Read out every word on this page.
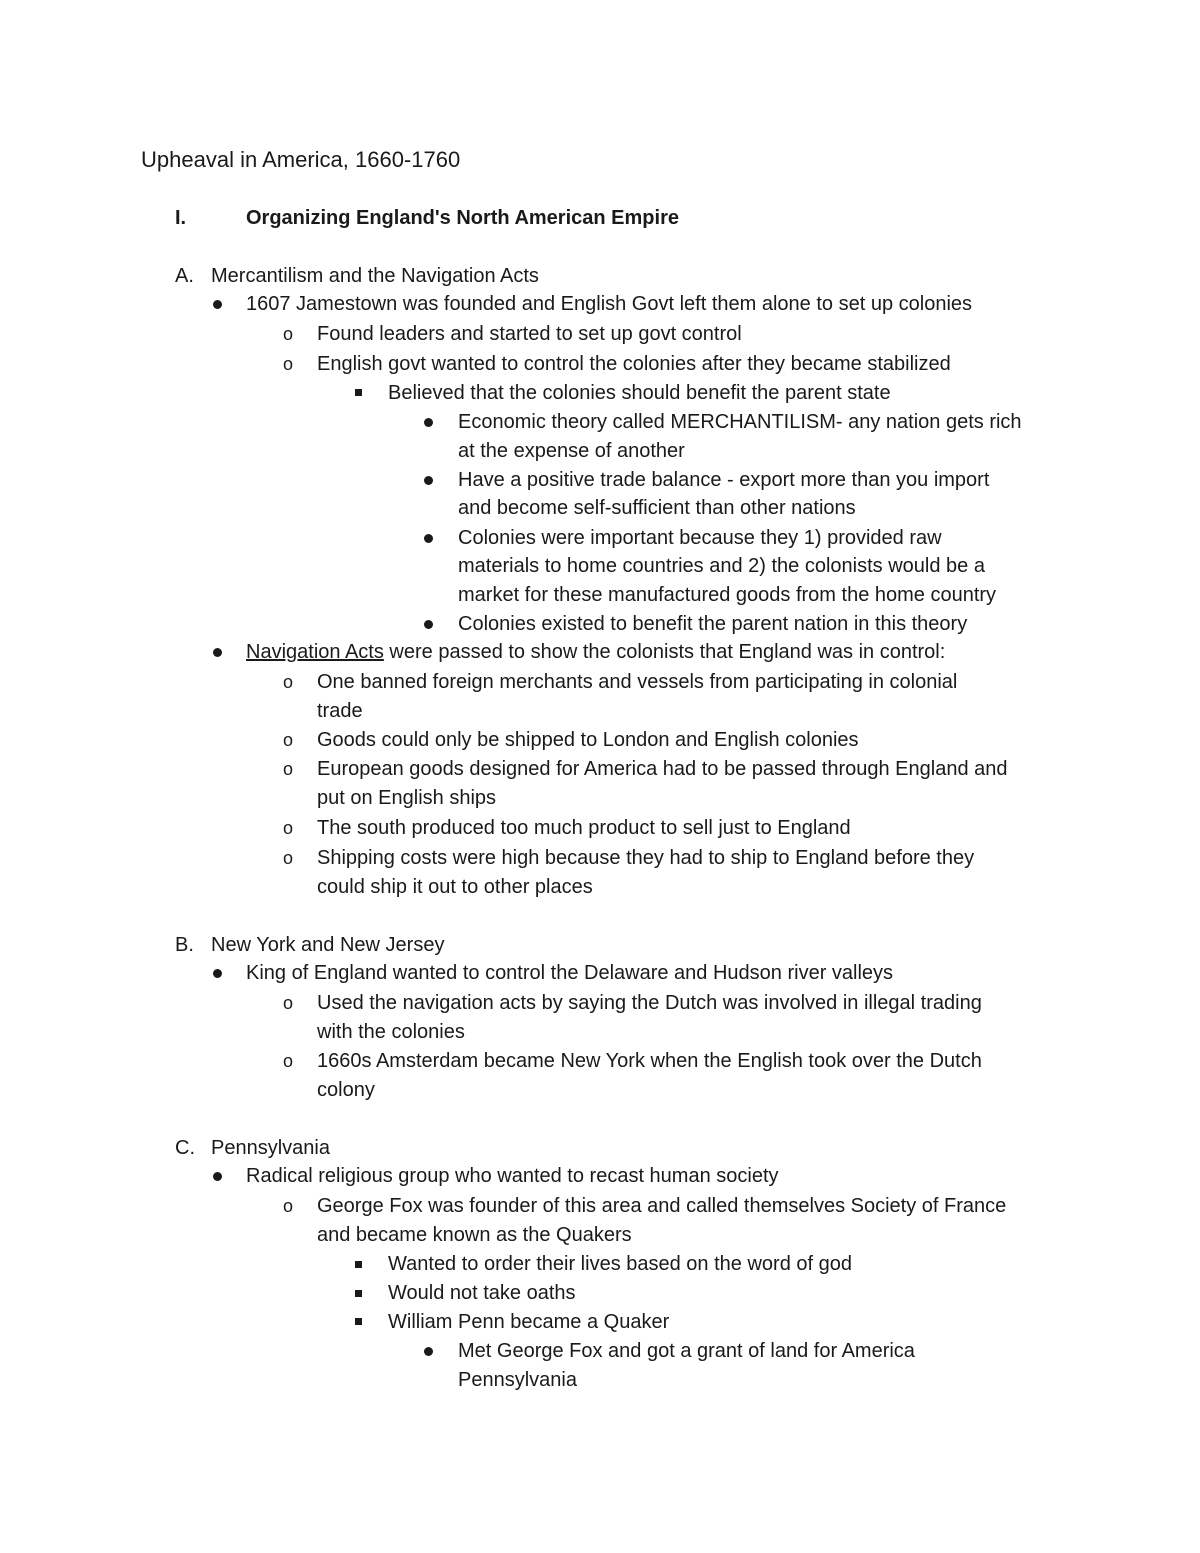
Upheaval in America, 1660-1760
I.	Organizing England's North American Empire
A. Mercantilism and the Navigation Acts
1607 Jamestown was founded and English Govt left them alone to set up colonies
o Found leaders and started to set up govt control
o English govt wanted to control the colonies after they became stabilized
Believed that the colonies should benefit the parent state
Economic theory called MERCHANTILISM- any nation gets rich
at the expense of another
Have a positive trade balance - export more than you import
and become self-sufficient than other nations
Colonies were important because they 1) provided raw
materials to home countries and 2) the colonists would be a
market for these manufactured goods from the home country
Colonies existed to benefit the parent nation in this theory
Navigation Acts were passed to show the colonists that England was in control:
o One banned foreign merchants and vessels from participating in colonial
trade
o Goods could only be shipped to London and English colonies
o European goods designed for America had to be passed through England and
put on English ships
o The south produced too much product to sell just to England
o Shipping costs were high because they had to ship to England before they
could ship it out to other places
B. New York and New Jersey
King of England wanted to control the Delaware and Hudson river valleys
o Used the navigation acts by saying the Dutch was involved in illegal trading
with the colonies
o 1660s Amsterdam became New York when the English took over the Dutch
colony
C. Pennsylvania
Radical religious group who wanted to recast human society
o George Fox was founder of this area and called themselves Society of France
and became known as the Quakers
Wanted to order their lives based on the word of god
Would not take oaths
William Penn became a Quaker
Met George Fox and got a grant of land for America
Pennsylvania
